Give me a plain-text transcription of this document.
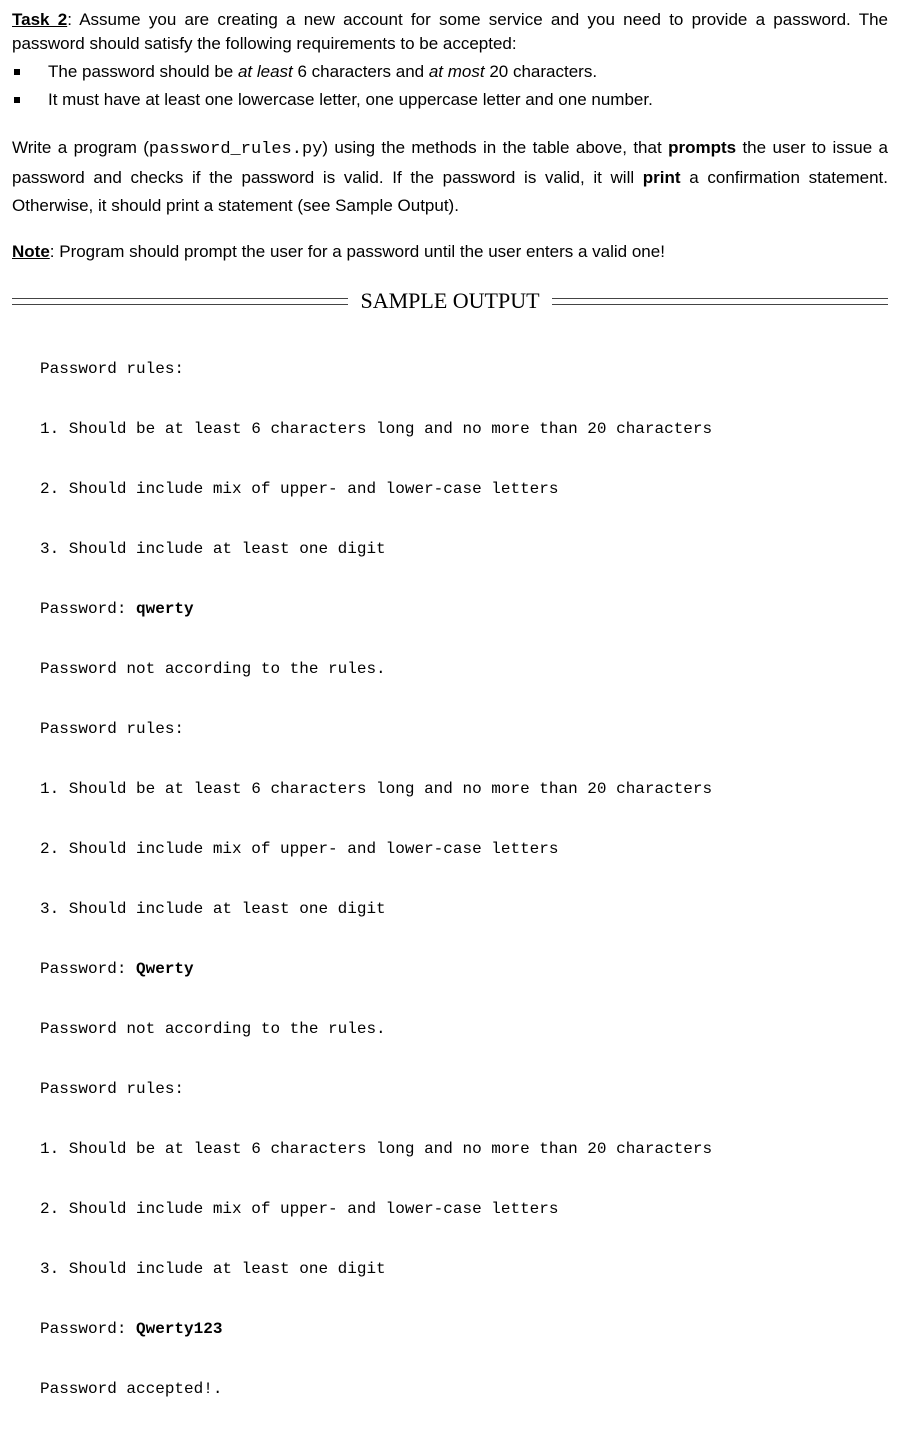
Task 2: Assume you are creating a new account for some service and you need to provide a password. The password should satisfy the following requirements to be accepted:

The password should be at least 6 characters and at most 20 characters.
It must have at least one lowercase letter, one uppercase letter and one number.

Write a program (password_rules.py) using the methods in the table above, that prompts the user to issue a password and checks if the password is valid. If the password is valid, it will print a confirmation statement. Otherwise, it should print a statement (see Sample Output).

Note: Program should prompt the user for a password until the user enters a valid one!

SAMPLE OUTPUT

Password rules:

1. Should be at least 6 characters long and no more than 20 characters

2. Should include mix of upper- and lower-case letters

3. Should include at least one digit

Password: qwerty

Password not according to the rules.

Password rules:

1. Should be at least 6 characters long and no more than 20 characters

2. Should include mix of upper- and lower-case letters

3. Should include at least one digit

Password: Qwerty

Password not according to the rules.

Password rules:

1. Should be at least 6 characters long and no more than 20 characters

2. Should include mix of upper- and lower-case letters

3. Should include at least one digit

Password: Qwerty123

Password accepted!.
